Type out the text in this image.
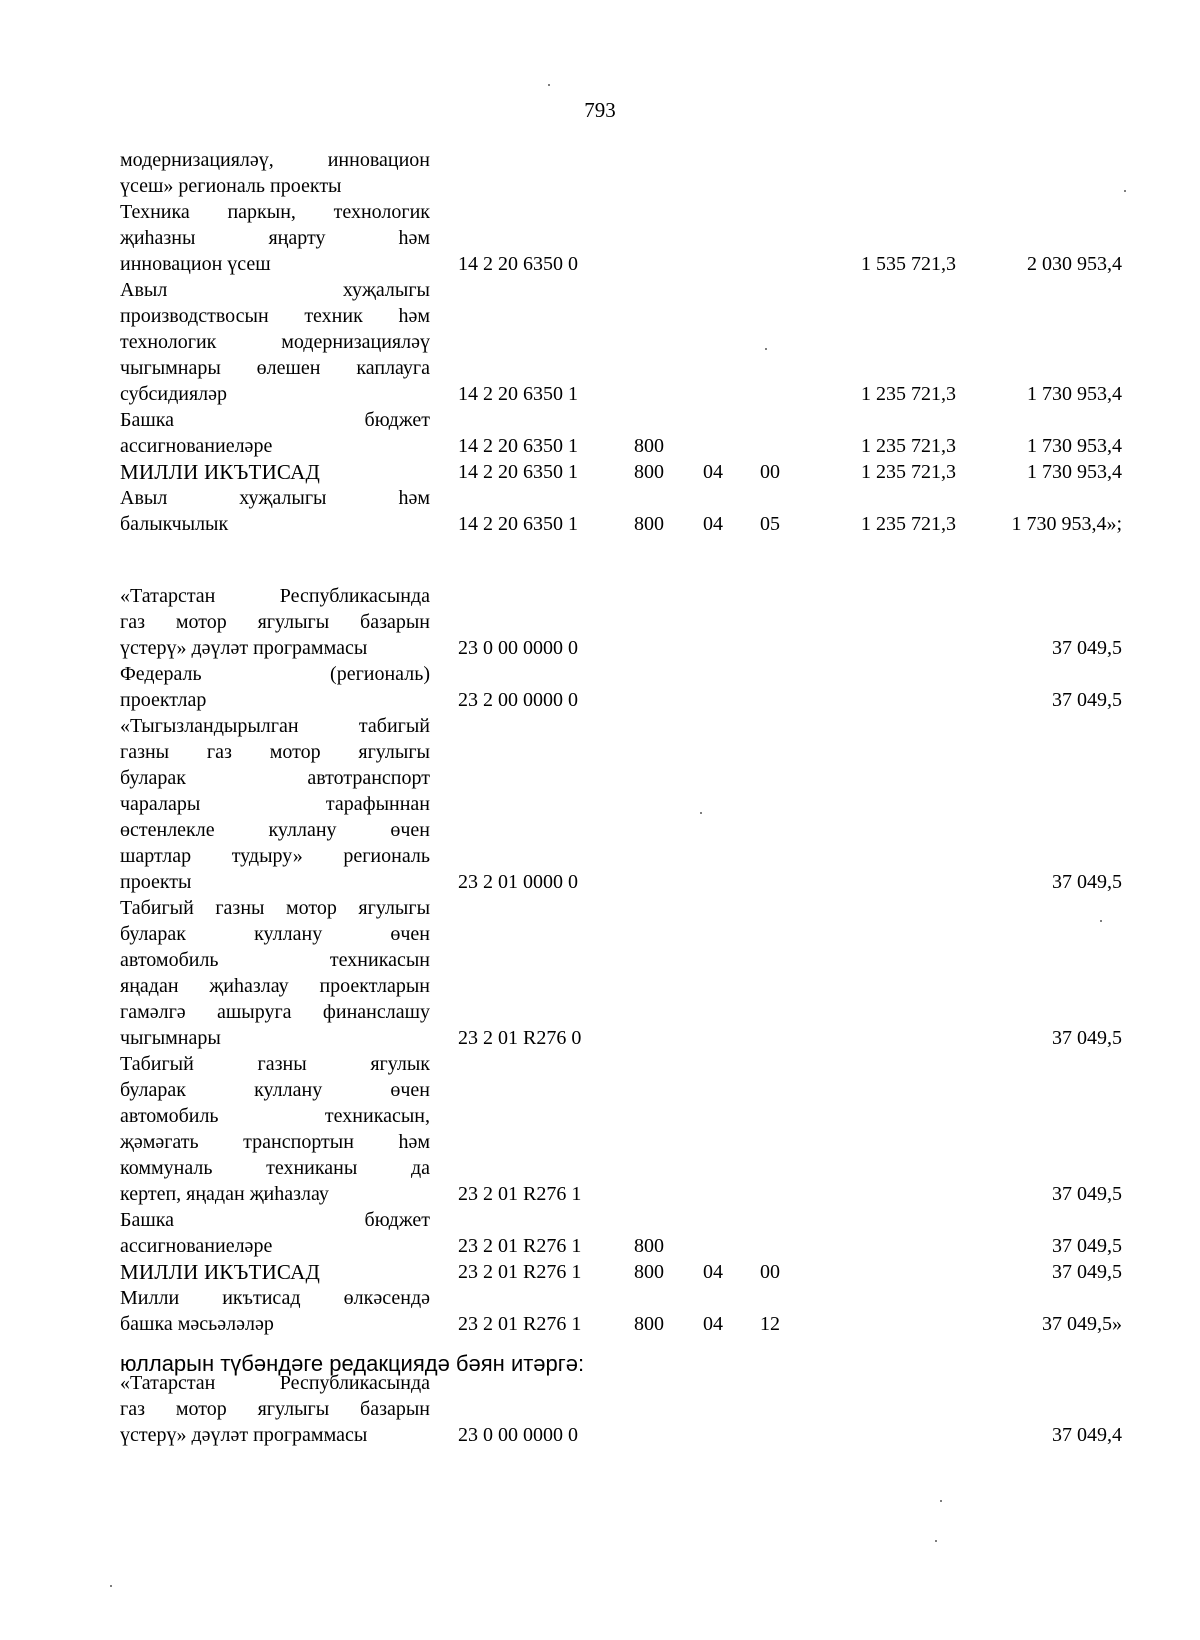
793
модернизацияләү, инновацион
үсеш» региональ проекты
Техника паркын, технологик
җиһазны яңарту һәм
инновацион үсеш	14 2 20 6350 0	1 535 721,3	2 030 953,4
Авыл хуҗалыгы
производствосын техник һәм
технологик модернизацияләү
чыгымнары өлешен каплауга
субсидияләр	14 2 20 6350 1	1 235 721,3	1 730 953,4
Башка бюджет
ассигнованиеләре	14 2 20 6350 1	800	1 235 721,3	1 730 953,4
МИЛЛИ ИКЪТИСАД	14 2 20 6350 1	800 04 00	1 235 721,3	1 730 953,4
Авыл хуҗалыгы һәм
балыкчылык	14 2 20 6350 1	800 04 05	1 235 721,3	1 730 953,4»;
«Татарстан Республикасында
газ мотор ягулыгы базарын
үстерү» дәүләт программасы	23 0 00 0000 0	37 049,5
Федераль (региональ)
проектлар	23 2 00 0000 0	37 049,5
«Тыгызландырылган табигый
газны газ мотор ягулыгы
буларак автотранспорт
чаралары тарафыннан
өстенлекле куллану өчен
шартлар тудыру» региональ
проекты	23 2 01 0000 0	37 049,5
Табигый газны мотор ягулыгы
буларак куллану өчен
автомобиль техникасын
яңадан җиһазлау проектларын
гамәлгә ашыруга финанслашу
чыгымнары	23 2 01 R276 0	37 049,5
Табигый газны ягулык
буларак куллану өчен
автомобиль техникасын,
җәмәгать транспортын һәм
коммуналь техниканы да
кертеп, яңадан җиһазлау	23 2 01 R276 1	37 049,5
Башка бюджет
ассигнованиеләре	23 2 01 R276 1	800	37 049,5
МИЛЛИ ИКЪТИСАД	23 2 01 R276 1	800 04 00	37 049,5
Милли икътисад өлкәсендә
башка мәсьәләләр	23 2 01 R276 1	800 04 12	37 049,5»
юлларын түбәндәге редакциядә бәян итәргә:
«Татарстан Республикасында
газ мотор ягулыгы базарын
үстерү» дәүләт программасы	23 0 00 0000 0	37 049,4
